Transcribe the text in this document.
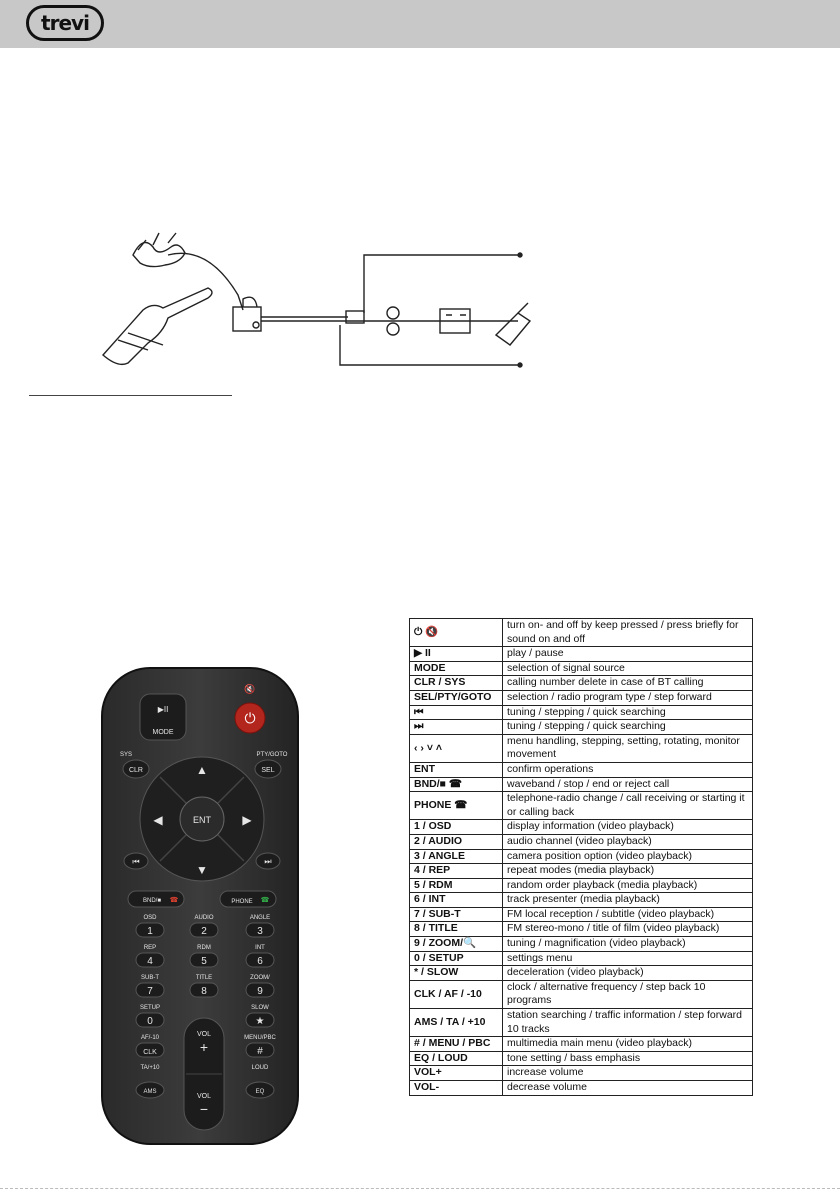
trevi
▶II
MODE
🔇
⏻
SYS
CLR
PTY/GOTO
SEL
ENT
▲
▼
◀	▶
⏮	⏭
BND/■ ☎	PHONE ☎
OSD	AUDIO	ANGLE
1	2	3
REP	RDM	INT
4	5	6
SUB-T	TITLE	ZOOM/
7	8	9
SETUP	SLOW
0	★
VOL
+
VOL
−
AF/-10	MENU/PBC
CLK	#
TA/+10	LOUD
AMS	EQ
⏻ 🔇	turn on- and off by keep pressed / press briefly for sound on and off
▶ II	play / pause
MODE	selection of signal source
CLR / SYS	calling number delete in case of BT calling
SEL/PTY/GOTO	selection / radio program type / step forward
⏮	tuning / stepping / quick searching
⏭	tuning / stepping / quick searching
‹ › ˅ ˄	menu handling, stepping, setting, rotating, monitor movement
ENT	confirm operations
BND/■ ☎	waveband / stop / end or reject call
PHONE ☎	telephone-radio change / call receiving or starting it or calling back
1 / OSD	display information (video playback)
2 / AUDIO	audio channel (video playback)
3 / ANGLE	camera position option (video playback)
4 / REP	repeat modes (media playback)
5 / RDM	random order playback (media playback)
6 / INT	track presenter (media playback)
7 / SUB-T	FM local reception / subtitle (video playback)
8 / TITLE	FM stereo-mono / title of film (video playback)
9 / ZOOM/🔍	tuning / magnification (video playback)
0 / SETUP	settings menu
* / SLOW	deceleration (video playback)
CLK / AF / -10	clock / alternative frequency / step back 10 programs
AMS / TA / +10	station searching / traffic information / step forward 10 tracks
# / MENU / PBC	multimedia main menu (video playback)
EQ / LOUD	tone setting / bass emphasis
VOL+	increase volume
VOL-	decrease volume
